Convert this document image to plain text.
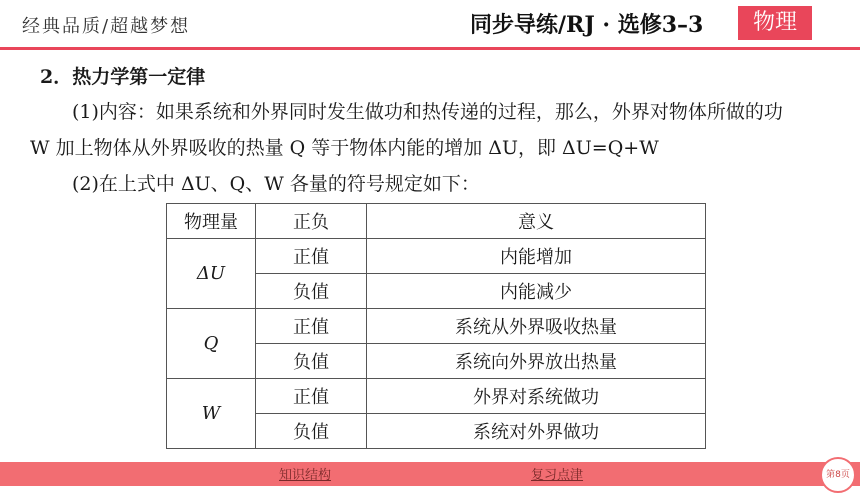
经典品质/超越梦想	同步导练/RJ · 选修3–3	物理
2．热力学第一定律
(1)内容：如果系统和外界同时发生做功和热传递的过程，那么，外界对物体所做的功
W 加上物体从外界吸收的热量 Q 等于物体内能的增加 ΔU，即 ΔU=Q+W
(2)在上式中 ΔU、Q、W 各量的符号规定如下：
物理量	正负	意义
ΔU	正值	内能增加
	负值	内能减少
Q	正值	系统从外界吸收热量
	负值	系统向外界放出热量
W	正值	外界对系统做功
	负值	系统对外界做功
知识结构	复习点津	第8页
